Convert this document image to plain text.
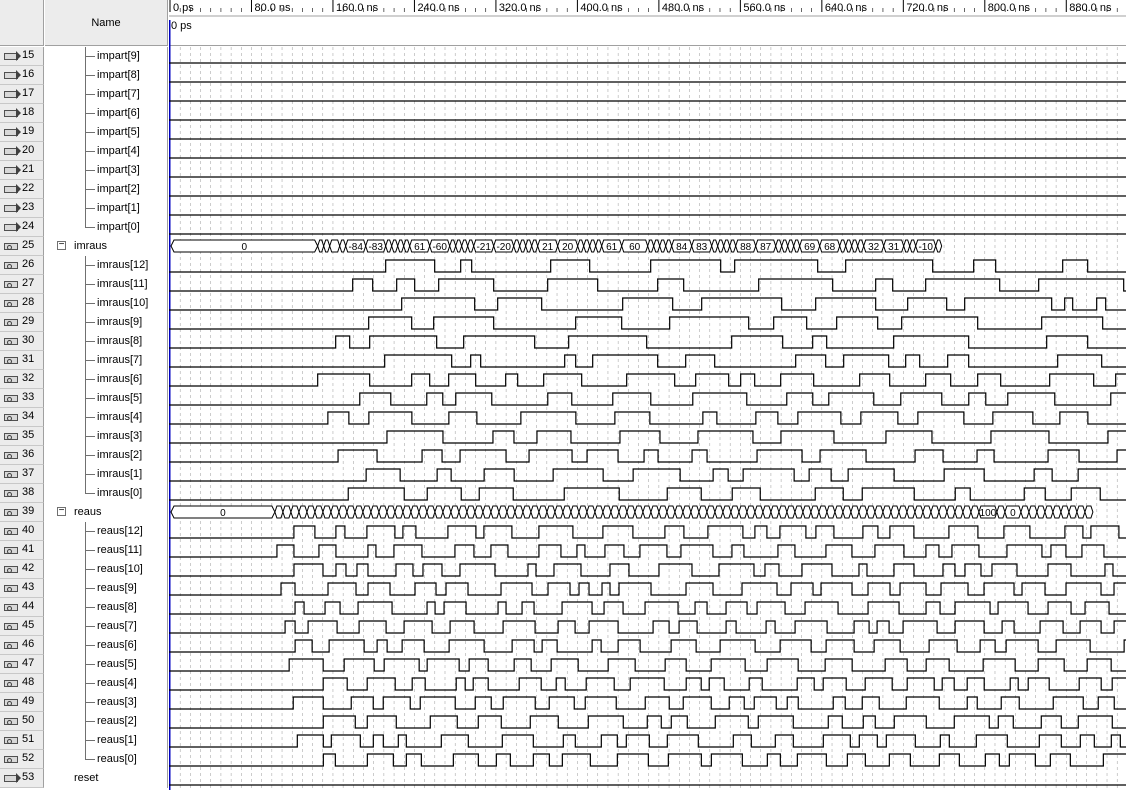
Name
15	impart[9]
16	impart[8]
17	impart[7]
18	impart[6]
19	impart[5]
20	impart[4]
21	impart[3]
22	impart[2]
23	impart[1]
24	impart[0]
25 − imraus
26	imraus[12]
27	imraus[11]
28	imraus[10]
29	imraus[9]
30	imraus[8]
31	imraus[7]
32	imraus[6]
33	imraus[5]
34	imraus[4]
35	imraus[3]
36	imraus[2]
37	imraus[1]
38	imraus[0]
39 − reaus
40	reaus[12]
41	reaus[11]
42	reaus[10]
43	reaus[9]
44	reaus[8]
45	reaus[7]
46	reaus[6]
47	reaus[5]
48	reaus[4]
49	reaus[3]
50	reaus[2]
51	reaus[1]
52	reaus[0]
53	reset
0 ps	80.0 ns	160.0 ns	240.0 ns	320.0 ns	400.0 ns	480.0 ns	560.0 ns	640.0 ns	720.0 ns	800.0 ns	880.0 ns
0 ps
0	-84 -83	61 -60	-21 -20	21 20	61 60	84 83	88 87	69 68	32 31 -10
0	100 0
